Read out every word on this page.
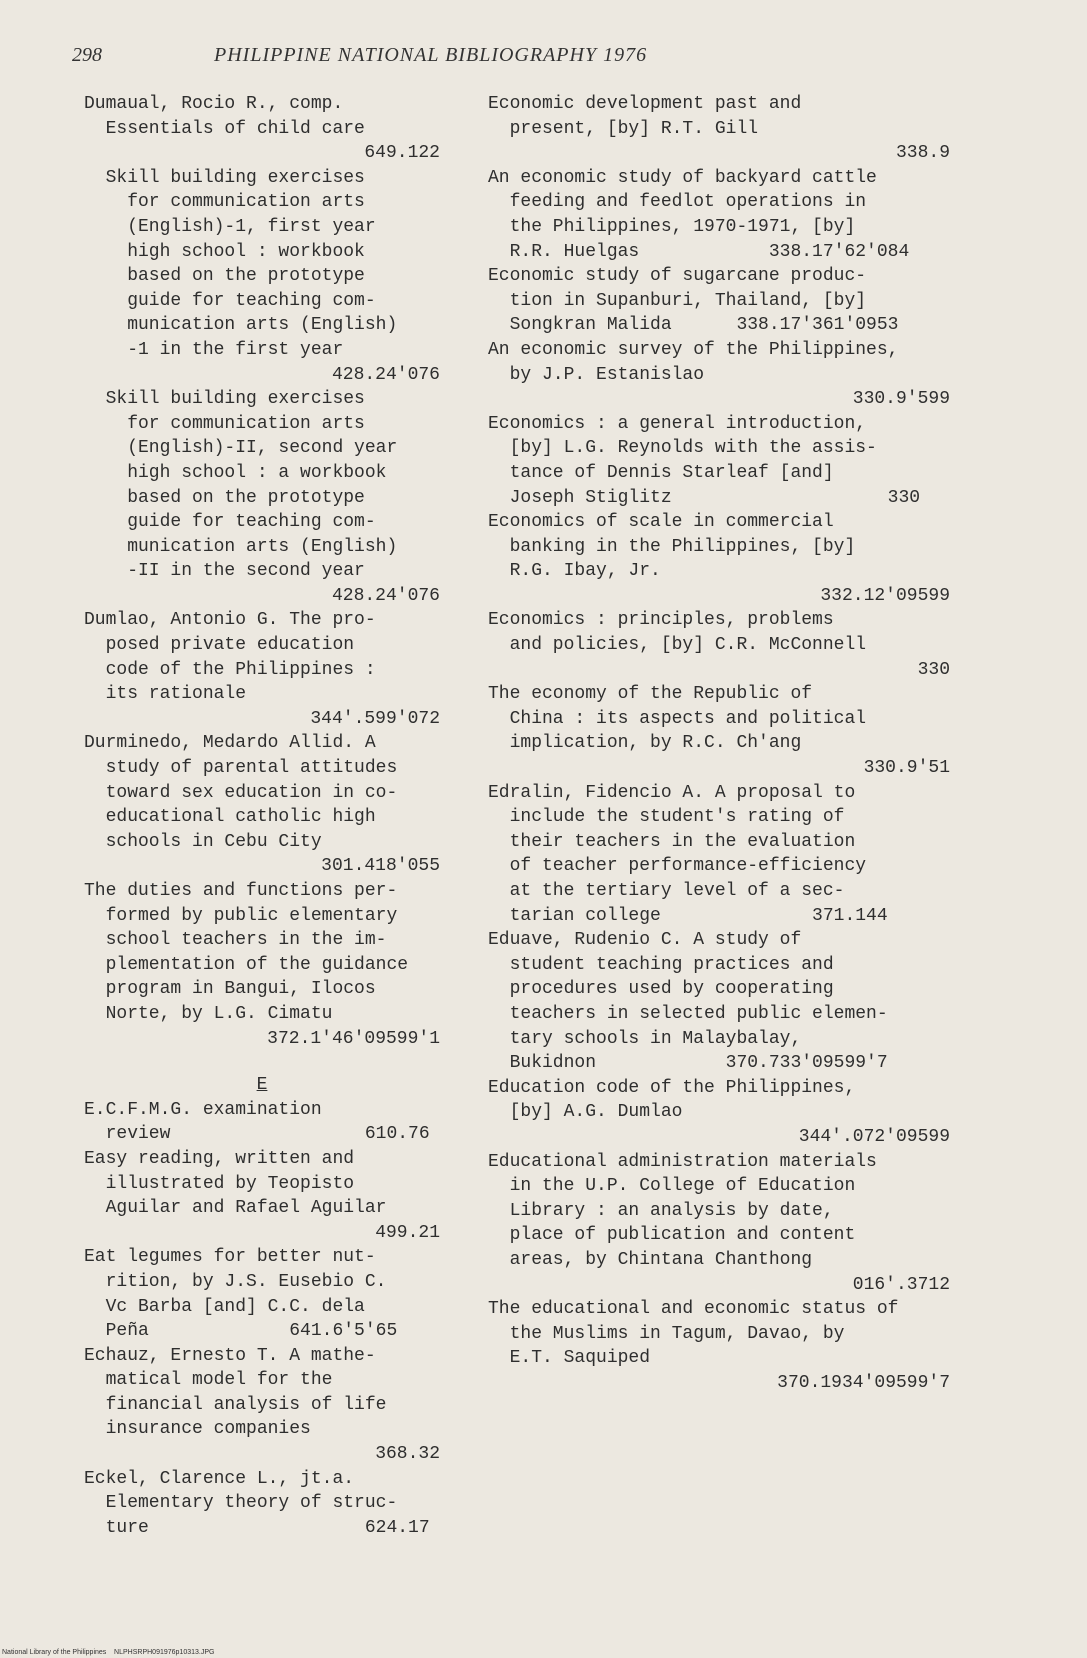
298	PHILIPPINE NATIONAL BIBLIOGRAPHY 1976
Dumaual, Rocio R., comp.
Essentials of child care
649.122
Skill building exercises
for communication arts
(English)-1, first year
high school : workbook
based on the prototype
guide for teaching com-
munication arts (English)
-1 in the first year
428.24'076
Skill building exercises
for communication arts
(English)-II, second year
high school : a workbook
based on the prototype
guide for teaching com-
munication arts (English)
-II in the second year
428.24'076
Dumlao, Antonio G. The pro-
posed private education
code of the Philippines :
its rationale
344'.599'072
Durminedo, Medardo Allid. A
study of parental attitudes
toward sex education in co-
educational catholic high
schools in Cebu City
301.418'055
The duties and functions per-
formed by public elementary
school teachers in the im-
plementation of the guidance
program in Bangui, Ilocos
Norte, by L.G. Cimatu
372.1'46'09599'1
E
E.C.F.M.G. examination
review                  610.76
Easy reading, written and
illustrated by Teopisto
Aguilar and Rafael Aguilar
499.21
Eat legumes for better nut-
rition, by J.S. Eusebio C.
Vc Barba [and] C.C. dela
Peña             641.6'5'65
Echauz, Ernesto T. A mathe-
matical model for the
financial analysis of life
insurance companies
368.32
Eckel, Clarence L., jt.a.
Elementary theory of struc-
ture                    624.17
Economic development past and
present, [by] R.T. Gill
338.9
An economic study of backyard cattle
feeding and feedlot operations in
the Philippines, 1970-1971, [by]
R.R. Huelgas            338.17'62'084
Economic study of sugarcane produc-
tion in Supanburi, Thailand, [by]
Songkran Malida      338.17'361'0953
An economic survey of the Philippines,
by J.P. Estanislao
330.9'599
Economics : a general introduction,
[by] L.G. Reynolds with the assis-
tance of Dennis Starleaf [and]
Joseph Stiglitz                    330
Economics of scale in commercial
banking in the Philippines, [by]
R.G. Ibay, Jr.
332.12'09599
Economics : principles, problems
and policies, [by] C.R. McConnell
330
The economy of the Republic of
China : its aspects and political
implication, by R.C. Ch'ang
330.9'51
Edralin, Fidencio A. A proposal to
include the student's rating of
their teachers in the evaluation
of teacher performance-efficiency
at the tertiary level of a sec-
tarian college              371.144
Eduave, Rudenio C. A study of
student teaching practices and
procedures used by cooperating
teachers in selected public elemen-
tary schools in Malaybalay,
Bukidnon            370.733'09599'7
Education code of the Philippines,
[by] A.G. Dumlao
344'.072'09599
Educational administration materials
in the U.P. College of Education
Library : an analysis by date,
place of publication and content
areas, by Chintana Chanthong
016'.3712
The educational and economic status of
the Muslims in Tagum, Davao, by
E.T. Saquiped
370.1934'09599'7
National Library of the Philippines    NLPHSRPH091976p10313.JPG
